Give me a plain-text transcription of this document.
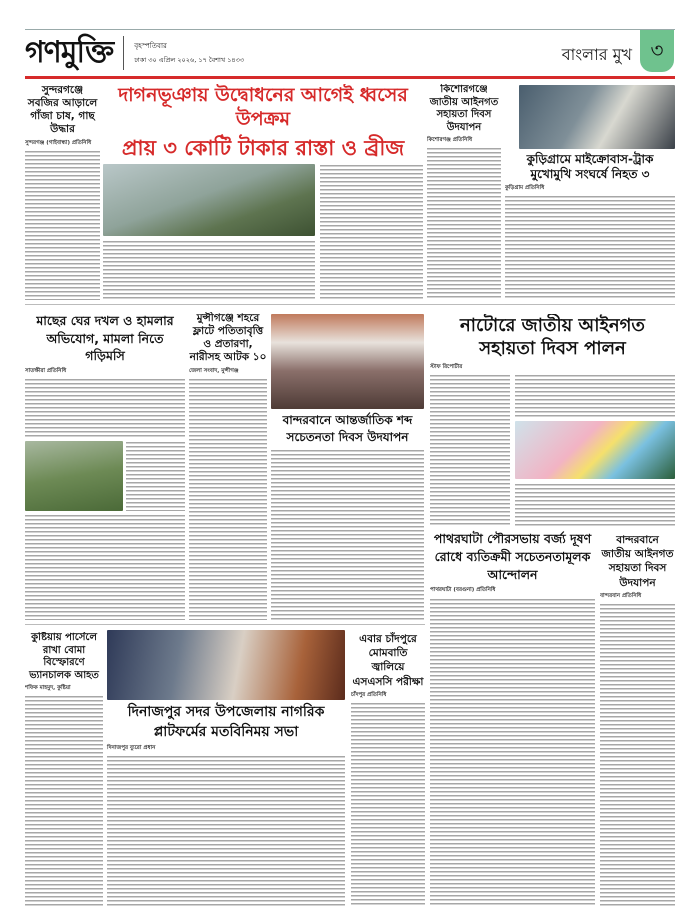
গণমুক্তি	বৃহস্পতিবার
ঢাকা ৩০ এপ্রিল ২০২৬, ১৭ বৈশাখ ১৪৩৩	বাংলার মুখ ৩
সুন্দরগঞ্জে সবজির আড়ালে গাঁজা চাষ, গাছ উদ্ধার
সুন্দরগঞ্জ (গাইবান্ধা) প্রতিনিধি
দাগনভূঞায় উদ্বোধনের আগেই ধ্বসের উপক্রম
প্রায় ৩ কোটি টাকার রাস্তা ও ব্রীজ
কিশোরগঞ্জে জাতীয় আইনগত সহায়তা দিবস উদযাপন
কিশোরগঞ্জ প্রতিনিধি
কুড়িগ্রামে মাইক্রোবাস-ট্রাক মুখোমুখি সংঘর্ষে নিহত ৩
কুড়িগ্রাম প্রতিনিধি
মাছের ঘের দখল ও হামলার অভিযোগ, মামলা নিতে গড়িমসি
সাতক্ষীরা প্রতিনিধি
মুন্সীগঞ্জে শহরে ফ্লাটে পতিতাবৃত্তি ও প্রতারণা, নারীসহ আটক ১০
জেলা সংবাদ, মুন্সীগঞ্জ
বান্দরবানে আন্তর্জাতিক শব্দ সচেতনতা দিবস উদযাপন
নাটোরে জাতীয় আইনগত সহায়তা দিবস পালন
স্টাফ রিপোর্টার
পাথরঘাটা পৌরসভায় বর্জ্য দূষণ রোধে ব্যতিক্রমী সচেতনতামূলক আন্দোলন
পাথরঘাটা (বরগুনা) প্রতিনিধি
বান্দরবানে জাতীয় আইনগত সহায়তা দিবস উদযাপন
বান্দরবান প্রতিনিধি
কুষ্টিয়ায় পার্সেলে রাখা বোমা বিস্ফোরণে ভ্যানচালক আহত
শফিক মাহমুদ, কুষ্টিয়া
দিনাজপুর সদর উপজেলায় নাগরিক প্লাটফর্মের মতবিনিময় সভা
দিনাজপুর ব্যুরো প্রধান
এবার চাঁদপুরে মোমবাতি জ্বালিয়ে এসএসসি পরীক্ষা
চাঁদপুর প্রতিনিধি
